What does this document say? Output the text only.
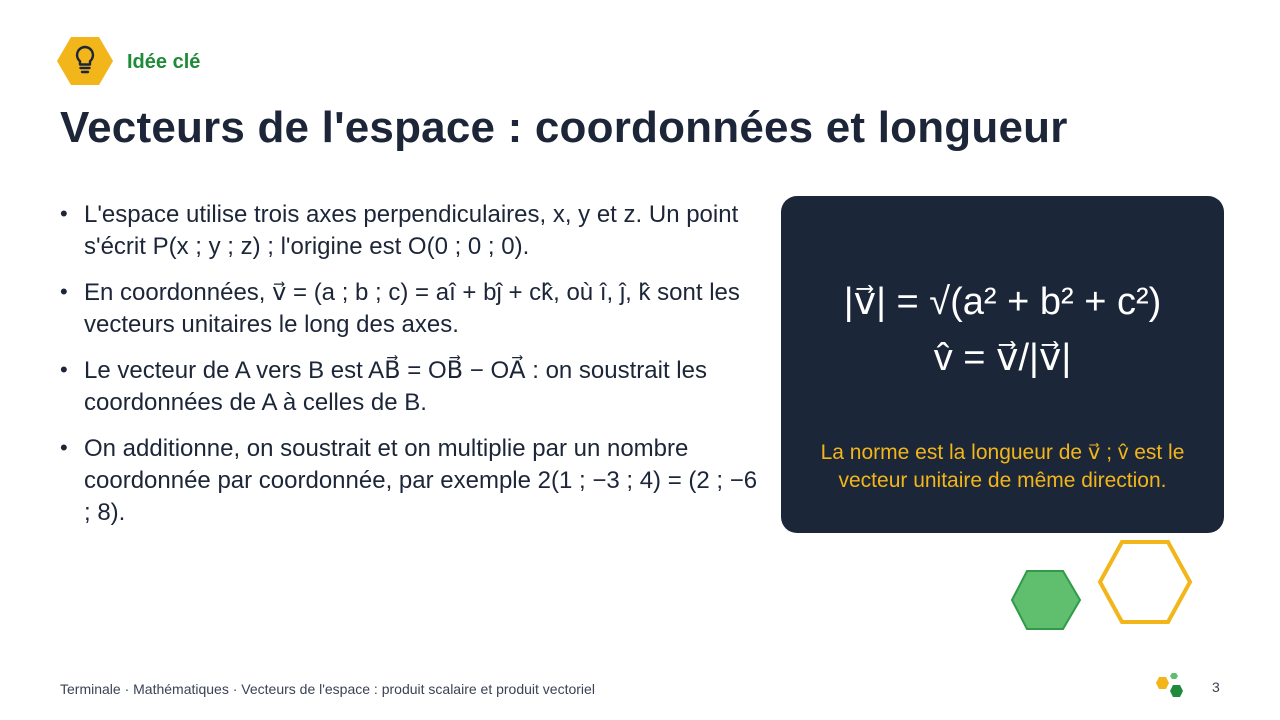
Idée clé
Vecteurs de l'espace : coordonnées et longueur
• L'espace utilise trois axes perpendiculaires, x, y et z. Un point s'écrit P(x ; y ; z) ; l'origine est O(0 ; 0 ; 0).
• En coordonnées, v⃗ = (a ; b ; c) = aî + bĵ + ck̂, où î, ĵ, k̂ sont les vecteurs unitaires le long des axes.
• Le vecteur de A vers B est AB⃗ = OB⃗ − OA⃗ : on soustrait les coordonnées de A à celles de B.
• On additionne, on soustrait et on multiplie par un nombre coordonnée par coordonnée, par exemple 2(1 ; −3 ; 4) = (2 ; −6 ; 8).
|v⃗| = √(a² + b² + c²)
v̂ = v⃗/|v⃗|
La norme est la longueur de v⃗ ; v̂ est le vecteur unitaire de même direction.
Terminale · Mathématiques · Vecteurs de l'espace : produit scalaire et produit vectoriel	3
